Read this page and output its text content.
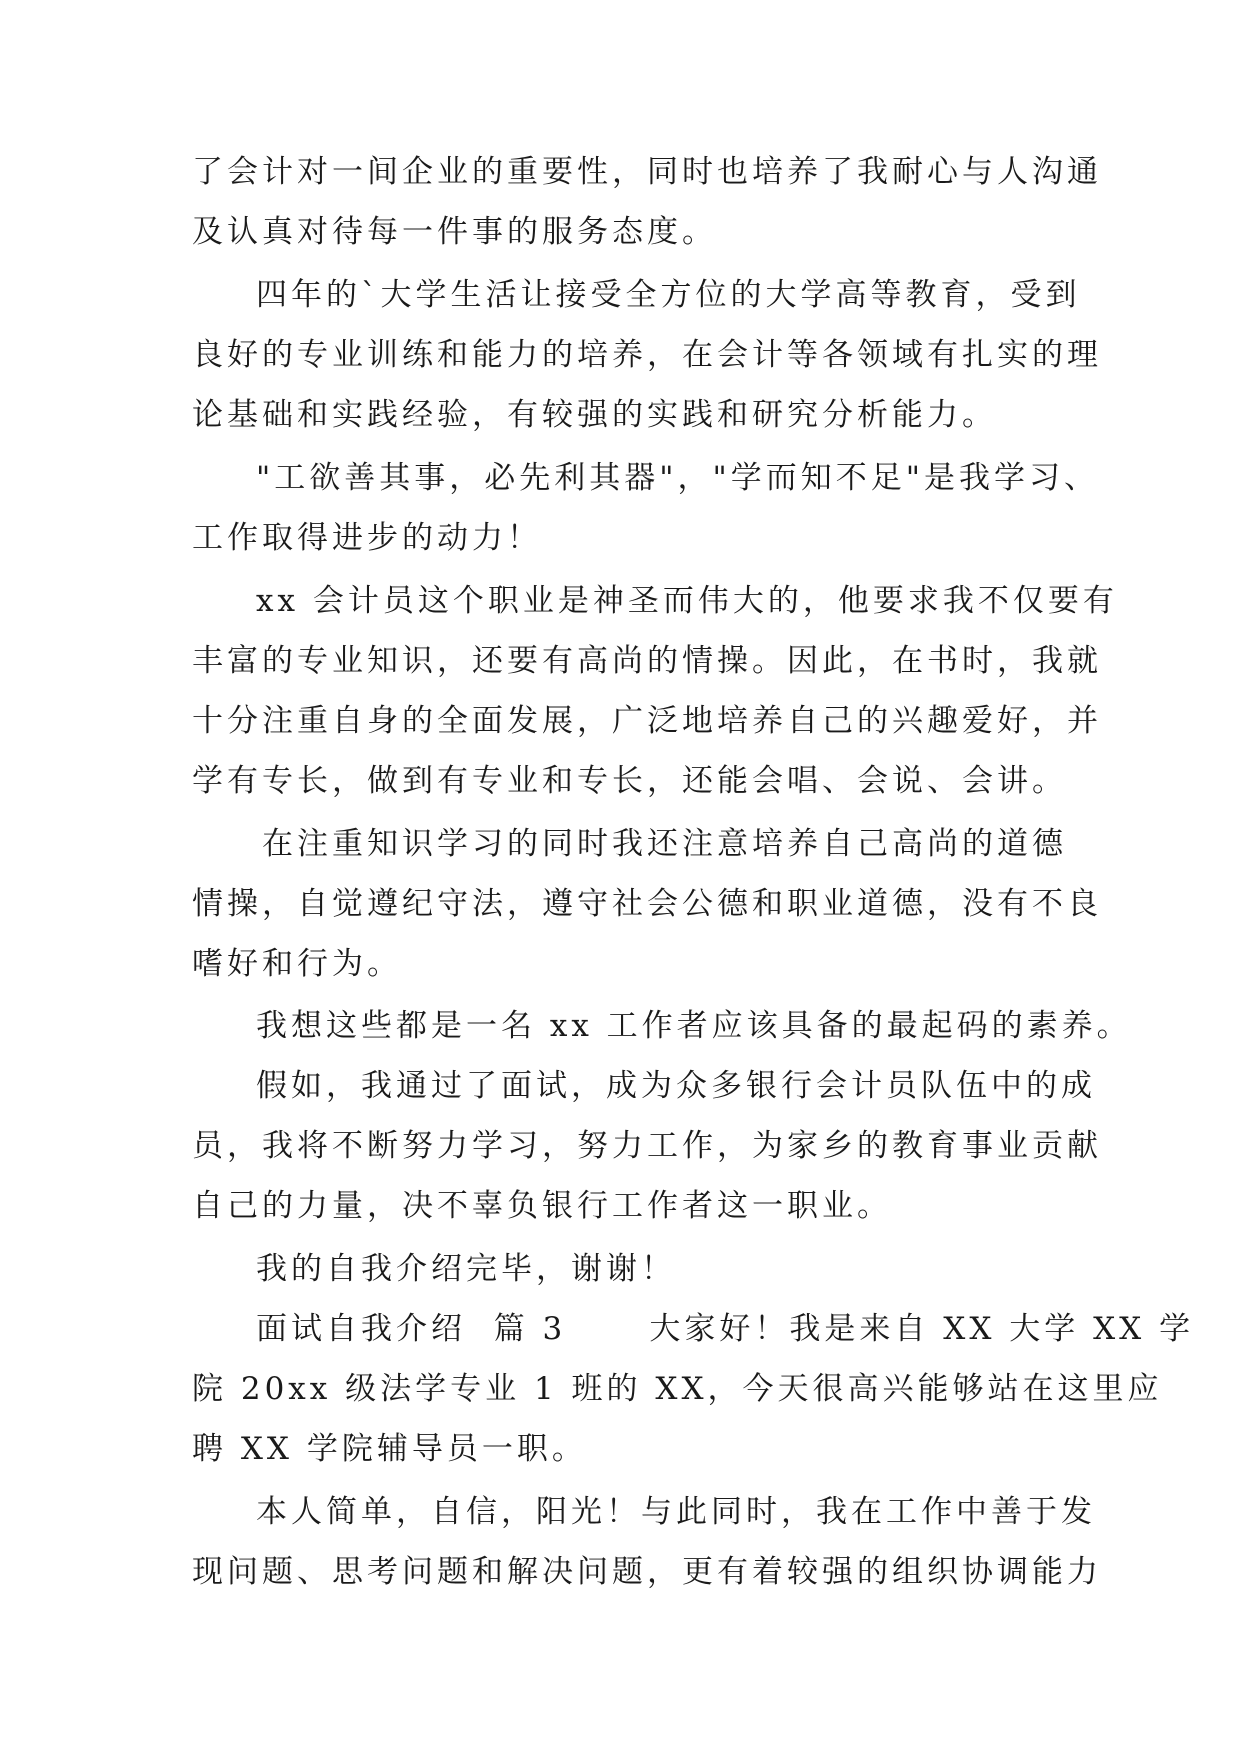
了会计对一间企业的重要性，同时也培养了我耐心与人沟通
及认真对待每一件事的服务态度。
四年的`大学生活让接受全方位的大学高等教育，受到
良好的专业训练和能力的培养，在会计等各领域有扎实的理
论基础和实践经验，有较强的实践和研究分析能力。
"工欲善其事，必先利其器"，"学而知不足"是我学习、
工作取得进步的动力！
xx 会计员这个职业是神圣而伟大的，他要求我不仅要有
丰富的专业知识，还要有高尚的情操。因此，在书时，我就
十分注重自身的全面发展，广泛地培养自己的兴趣爱好，并
学有专长，做到有专业和专长，还能会唱、会说、会讲。
在注重知识学习的同时我还注意培养自己高尚的道德
情操，自觉遵纪守法，遵守社会公德和职业道德，没有不良
嗜好和行为。
我想这些都是一名 xx 工作者应该具备的最起码的素养。
假如，我通过了面试，成为众多银行会计员队伍中的成
员，我将不断努力学习，努力工作，为家乡的教育事业贡献
自己的力量，决不辜负银行工作者这一职业。
我的自我介绍完毕，谢谢！
面试自我介绍  篇 3      大家好！我是来自 XX 大学 XX 学
院 20xx 级法学专业 1 班的 XX，今天很高兴能够站在这里应
聘 XX 学院辅导员一职。
本人简单，自信，阳光！与此同时，我在工作中善于发
现问题、思考问题和解决问题，更有着较强的组织协调能力
